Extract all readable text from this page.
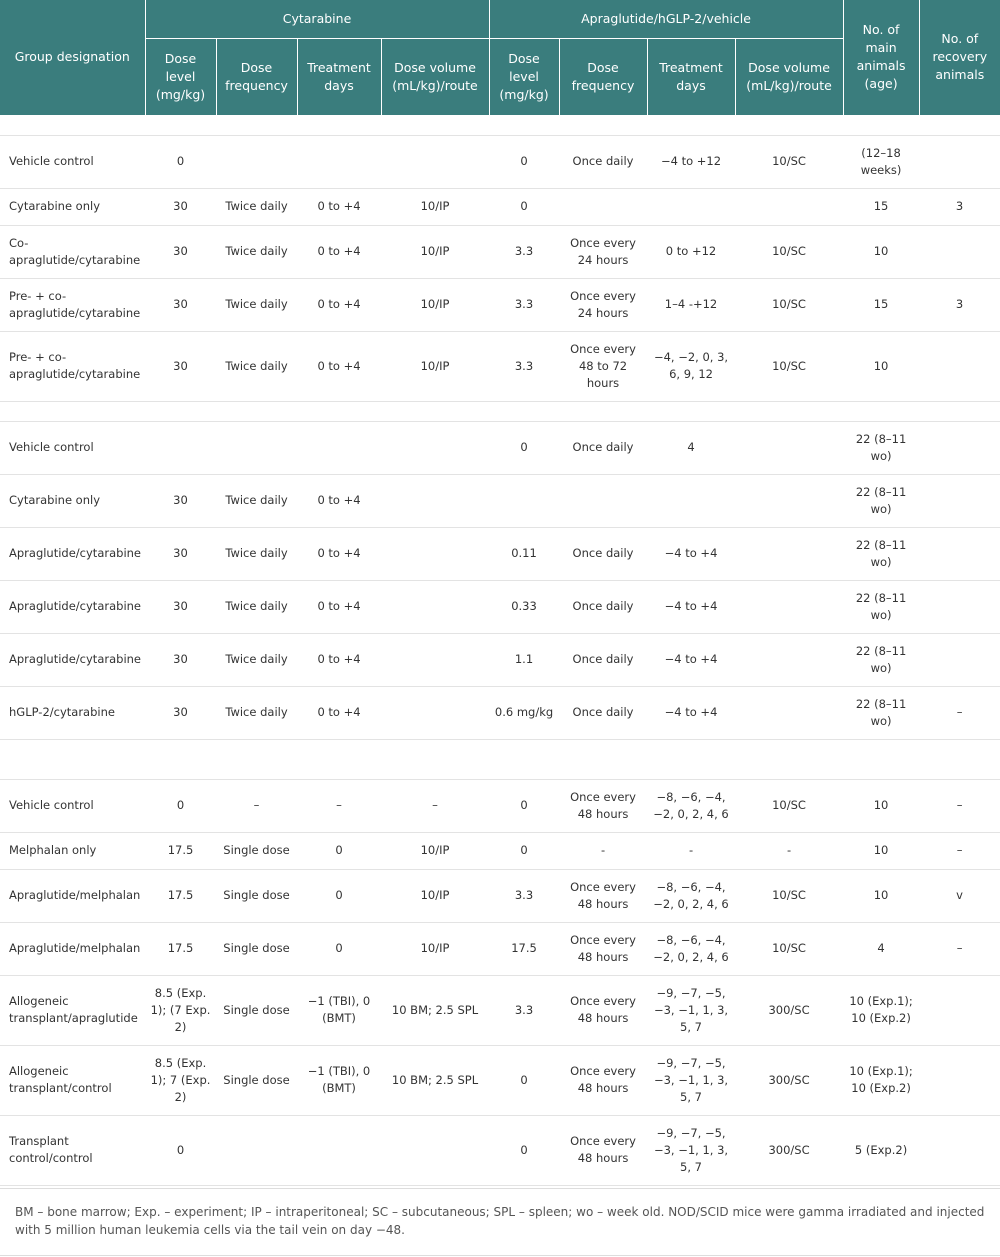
Group designation	Cytarabine				Apraglutide/hGLP-2/vehicle				No. of main animals (age)	No. of recovery animals
	Dose level (mg/kg)	Dose frequency	Treatment days	Dose volume (mL/kg)/route	Dose level (mg/kg)	Dose frequency	Treatment days	Dose volume (mL/kg)/route		

Vehicle control	0				0	Once daily	−4 to +12	10/SC	(12–18 weeks)	
Cytarabine only	30	Twice daily	0 to +4	10/IP	0				15	3
Co-apraglutide/cytarabine	30	Twice daily	0 to +4	10/IP	3.3	Once every 24 hours	0 to +12	10/SC	10	
Pre- + co-apraglutide/cytarabine	30	Twice daily	0 to +4	10/IP	3.3	Once every 24 hours	1–4 -+12	10/SC	15	3
Pre- + co-apraglutide/cytarabine	30	Twice daily	0 to +4	10/IP	3.3	Once every 48 to 72 hours	−4, −2, 0, 3, 6, 9, 12	10/SC	10	

Vehicle control					0	Once daily	4		22 (8–11 wo)	
Cytarabine only	30	Twice daily	0 to +4						22 (8–11 wo)	
Apraglutide/cytarabine	30	Twice daily	0 to +4		0.11	Once daily	−4 to +4		22 (8–11 wo)	
Apraglutide/cytarabine	30	Twice daily	0 to +4		0.33	Once daily	−4 to +4		22 (8–11 wo)	
Apraglutide/cytarabine	30	Twice daily	0 to +4		1.1	Once daily	−4 to +4		22 (8–11 wo)	
hGLP-2/cytarabine	30	Twice daily	0 to +4		0.6 mg/kg	Once daily	−4 to +4		22 (8–11 wo)	–

Vehicle control	0	–	–	–	0	Once every 48 hours	−8, −6, −4, −2, 0, 2, 4, 6	10/SC	10	–
Melphalan only	17.5	Single dose	0	10/IP	0	-	-	-	10	–
Apraglutide/melphalan	17.5	Single dose	0	10/IP	3.3	Once every 48 hours	−8, −6, −4, −2, 0, 2, 4, 6	10/SC	10	v
Apraglutide/melphalan	17.5	Single dose	0	10/IP	17.5	Once every 48 hours	−8, −6, −4, −2, 0, 2, 4, 6	10/SC	4	–
Allogeneic transplant/apraglutide	8.5 (Exp. 1); (7 Exp. 2)	Single dose	−1 (TBI), 0 (BMT)	10 BM; 2.5 SPL	3.3	Once every 48 hours	−9, −7, −5, −3, −1, 1, 3, 5, 7	300/SC	10 (Exp.1); 10 (Exp.2)	
Allogeneic transplant/control	8.5 (Exp. 1); 7 (Exp. 2)	Single dose	−1 (TBI), 0 (BMT)	10 BM; 2.5 SPL	0	Once every 48 hours	−9, −7, −5, −3, −1, 1, 3, 5, 7	300/SC	10 (Exp.1); 10 (Exp.2)	
Transplant control/control	0				0	Once every 48 hours	−9, −7, −5, −3, −1, 1, 3, 5, 7	300/SC	5 (Exp.2)	
BM – bone marrow; Exp. – experiment; IP – intraperitoneal; SC – subcutaneous; SPL – spleen; wo – week old. NOD/SCID mice were gamma irradiated and injected with 5 million human leukemia cells via the tail vein on day −48.
